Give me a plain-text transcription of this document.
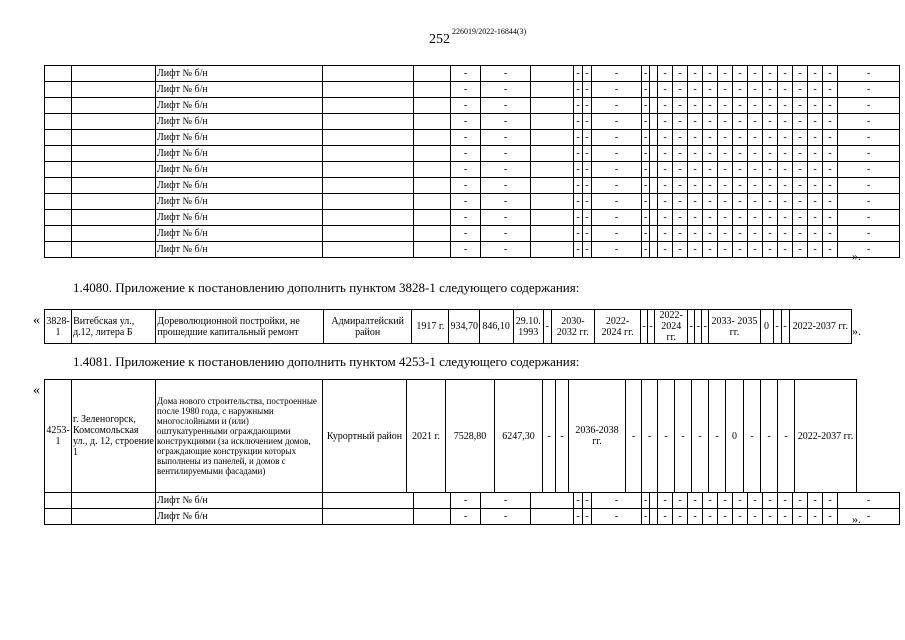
252
226019/2022-16844(3)
		Лифт № б/н			-	-		-	-	-	-		-	-	-	-	-	-	-	-	-	-	-	-	-
		Лифт № б/н			-	-		-	-	-	-		-	-	-	-	-	-	-	-	-	-	-	-	-
		Лифт № б/н			-	-		-	-	-	-		-	-	-	-	-	-	-	-	-	-	-	-	-
		Лифт № б/н			-	-		-	-	-	-		-	-	-	-	-	-	-	-	-	-	-	-	-
		Лифт № б/н			-	-		-	-	-	-		-	-	-	-	-	-	-	-	-	-	-	-	-
		Лифт № б/н			-	-		-	-	-	-		-	-	-	-	-	-	-	-	-	-	-	-	-
		Лифт № б/н			-	-		-	-	-	-		-	-	-	-	-	-	-	-	-	-	-	-	-
		Лифт № б/н			-	-		-	-	-	-		-	-	-	-	-	-	-	-	-	-	-	-	-
		Лифт № б/н			-	-		-	-	-	-		-	-	-	-	-	-	-	-	-	-	-	-	-
		Лифт № б/н			-	-		-	-	-	-		-	-	-	-	-	-	-	-	-	-	-	-	-
		Лифт № б/н			-	-		-	-	-	-		-	-	-	-	-	-	-	-	-	-	-	-	-
		Лифт № б/н			-	-		-	-	-	-		-	-	-	-	-	-	-	-	-	-	-	-	-
».
1.4080. Приложение к постановлению дополнить пунктом 3828-1 следующего содержания:
« 3828-1	Витебская ул., д.12, литера Б	Дореволюционной постройки, не прошедшие капитальный ремонт	Адмиралтейский район	1917 г.	934,70	846,10	29.10. 1993	-	2030- 2032 гг.	2022- 2024 гг.	-	-	2022- 2024 гг.	-	-	-	2033- 2035 гг.	0	-	-	2022-2037 гг. ».
1.4081. Приложение к постановлению дополнить пунктом 4253-1 следующего содержания:
«
4253-1	г. Зеленогорск, Комсомольская ул., д. 12, строение 1	Дома нового строительства, построенные после 1980 года, с наружными многослойными и (или) оштукатуренными ограждающими конструкциями (за исключением домов, ограждающие конструкции которых выполнены из панелей, и домов с вентилируемыми фасадами)	Курортный район	2021 г.	7528,80	6247,30	-	-	2036-2038 гг.	-	-	-	-	-	-	0	-	-	-	2022-2037 гг.
		Лифт № б/н			-	-		-	-	-	-		-	-	-	-	-	-	-	-	-	-	-	-	-
		Лифт № б/н			-	-		-	-	-	-		-	-	-	-	-	-	-	-	-	-	-	-	-
».
